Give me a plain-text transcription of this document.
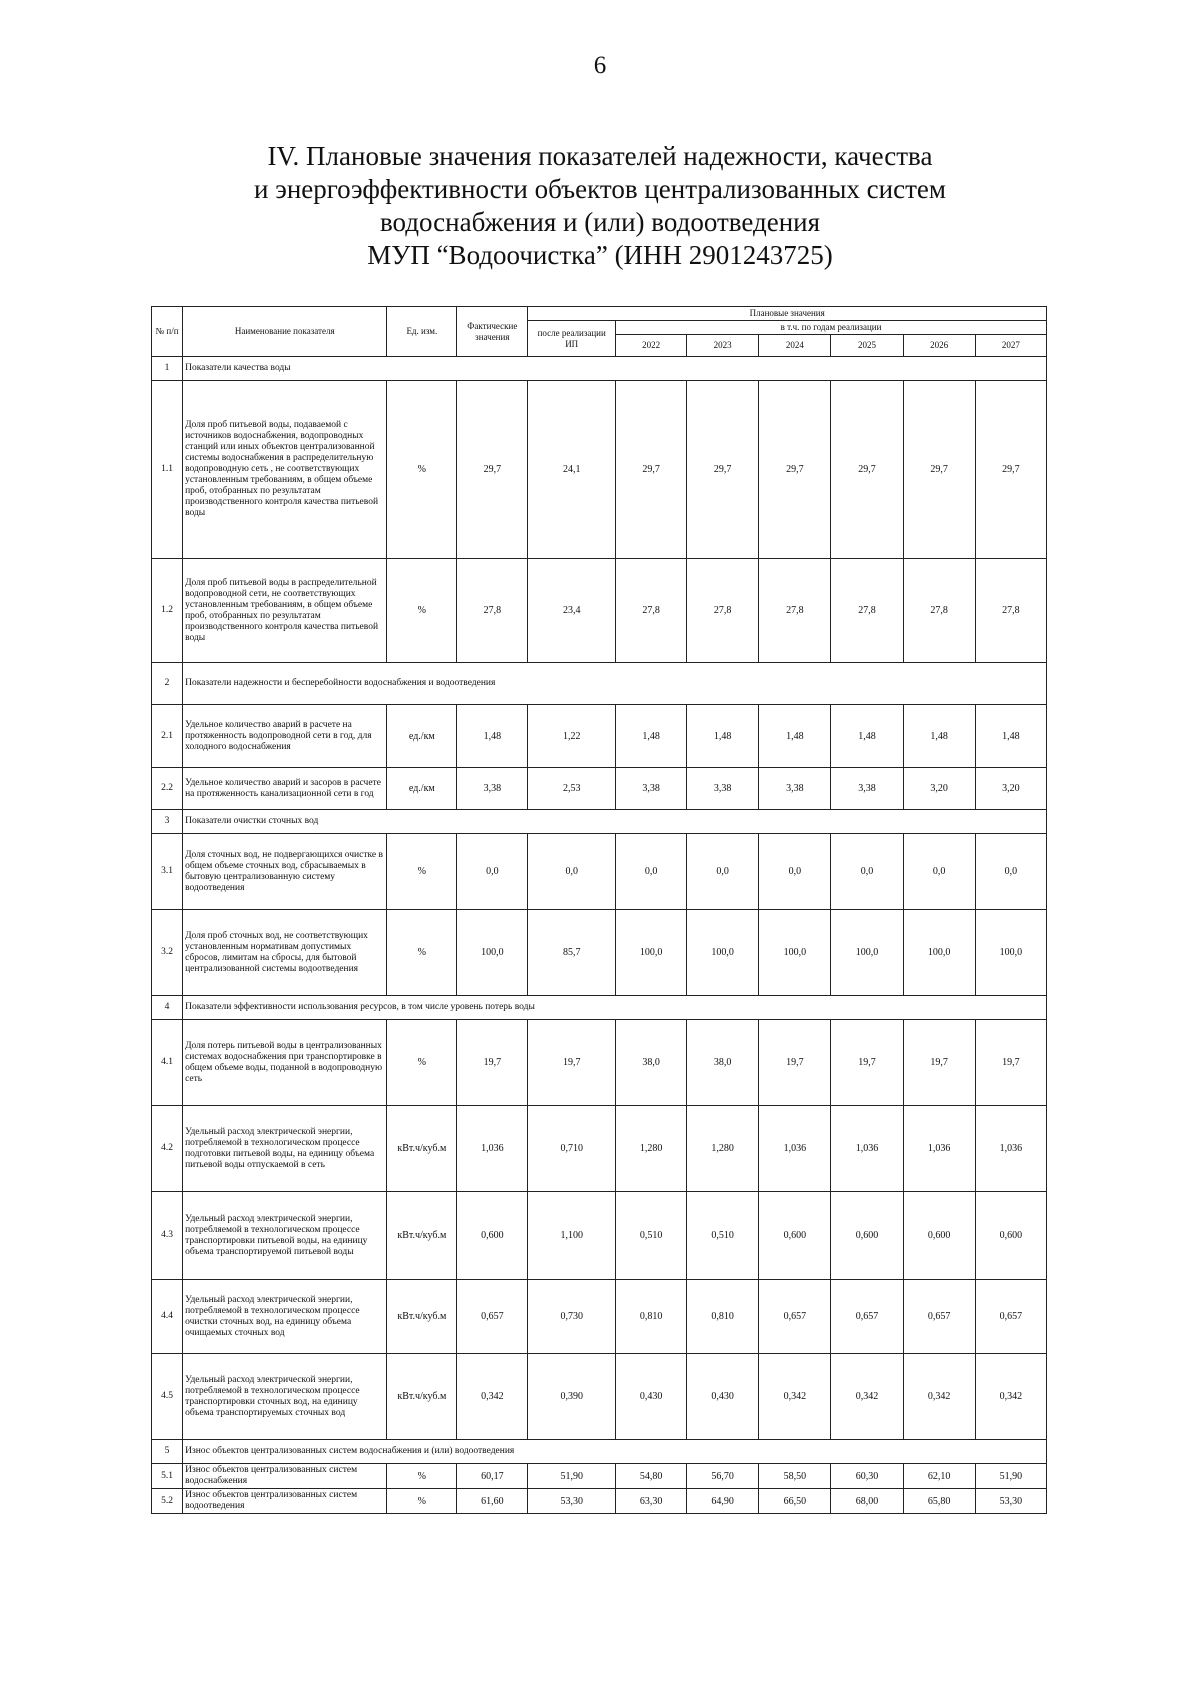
6
IV. Плановые значения показателей надежности, качества
и энергоэффективности объектов централизованных систем
водоснабжения и (или) водоотведения
МУП “Водоочистка” (ИНН 2901243725)
№ п/п	Наименование показателя	Ед. изм.	Фактические значения	Плановые значения						
				после реализации ИП	в т.ч. по годам реализации					
					2022	2023	2024	2025	2026	2027
1	Показатели качества воды									
1.1	Доля проб питьевой воды, подаваемой с источников водоснабжения, водопроводных станций или иных объектов централизованной системы водоснабжения в распределительную водопроводную сеть , не соответствующих установленным требованиям, в общем объеме проб, отобранных по результатам производственного контроля качества питьевой воды	%	29,7	24,1	29,7	29,7	29,7	29,7	29,7	29,7
1.2	Доля проб питьевой воды в распределительной водопроводной сети, не соответствующих установленным требованиям, в общем объеме проб, отобранных по результатам производственного контроля качества питьевой воды	%	27,8	23,4	27,8	27,8	27,8	27,8	27,8	27,8
2	Показатели надежности и бесперебойности водоснабжения и водоотведения									
2.1	Удельное количество аварий в расчете на протяженность водопроводной сети в год, для холодного водоснабжения	ед./км	1,48	1,22	1,48	1,48	1,48	1,48	1,48	1,48
2.2	Удельное количество аварий и засоров в расчете на протяженность канализационной сети в год	ед./км	3,38	2,53	3,38	3,38	3,38	3,38	3,20	3,20
3	Показатели очистки сточных вод									
3.1	Доля сточных вод, не подвергающихся очистке в общем объеме сточных вод, сбрасываемых в бытовую централизованную систему водоотведения	%	0,0	0,0	0,0	0,0	0,0	0,0	0,0	0,0
3.2	Доля проб сточных вод, не соответствующих установленным нормативам допустимых сбросов, лимитам на сбросы, для бытовой централизованной системы водоотведения	%	100,0	85,7	100,0	100,0	100,0	100,0	100,0	100,0
4	Показатели эффективности использования ресурсов, в том числе уровень потерь воды									
4.1	Доля потерь питьевой воды в централизованных системах водоснабжения при транспортировке в общем объеме воды, поданной в водопроводную сеть	%	19,7	19,7	38,0	38,0	19,7	19,7	19,7	19,7
4.2	Удельный расход электрической энергии, потребляемой в технологическом процессе подготовки питьевой воды, на единицу объема питьевой воды отпускаемой в сеть	кВт.ч/куб.м	1,036	0,710	1,280	1,280	1,036	1,036	1,036	1,036
4.3	Удельный расход электрической энергии, потребляемой в технологическом процессе транспортировки питьевой воды, на единицу объема транспортируемой питьевой воды	кВт.ч/куб.м	0,600	1,100	0,510	0,510	0,600	0,600	0,600	0,600
4.4	Удельный расход электрической энергии, потребляемой в технологическом процессе очистки сточных вод, на единицу объема очищаемых сточных вод	кВт.ч/куб.м	0,657	0,730	0,810	0,810	0,657	0,657	0,657	0,657
4.5	Удельный расход электрической энергии, потребляемой в технологическом процессе транспортировки сточных вод, на единицу объема транспортируемых сточных вод	кВт.ч/куб.м	0,342	0,390	0,430	0,430	0,342	0,342	0,342	0,342
5	Износ объектов централизованных систем водоснабжения и (или) водоотведения									
5.1	Износ объектов централизованных систем водоснабжения	%	60,17	51,90	54,80	56,70	58,50	60,30	62,10	51,90
5.2	Износ объектов централизованных систем водоотведения	%	61,60	53,30	63,30	64,90	66,50	68,00	65,80	53,30
